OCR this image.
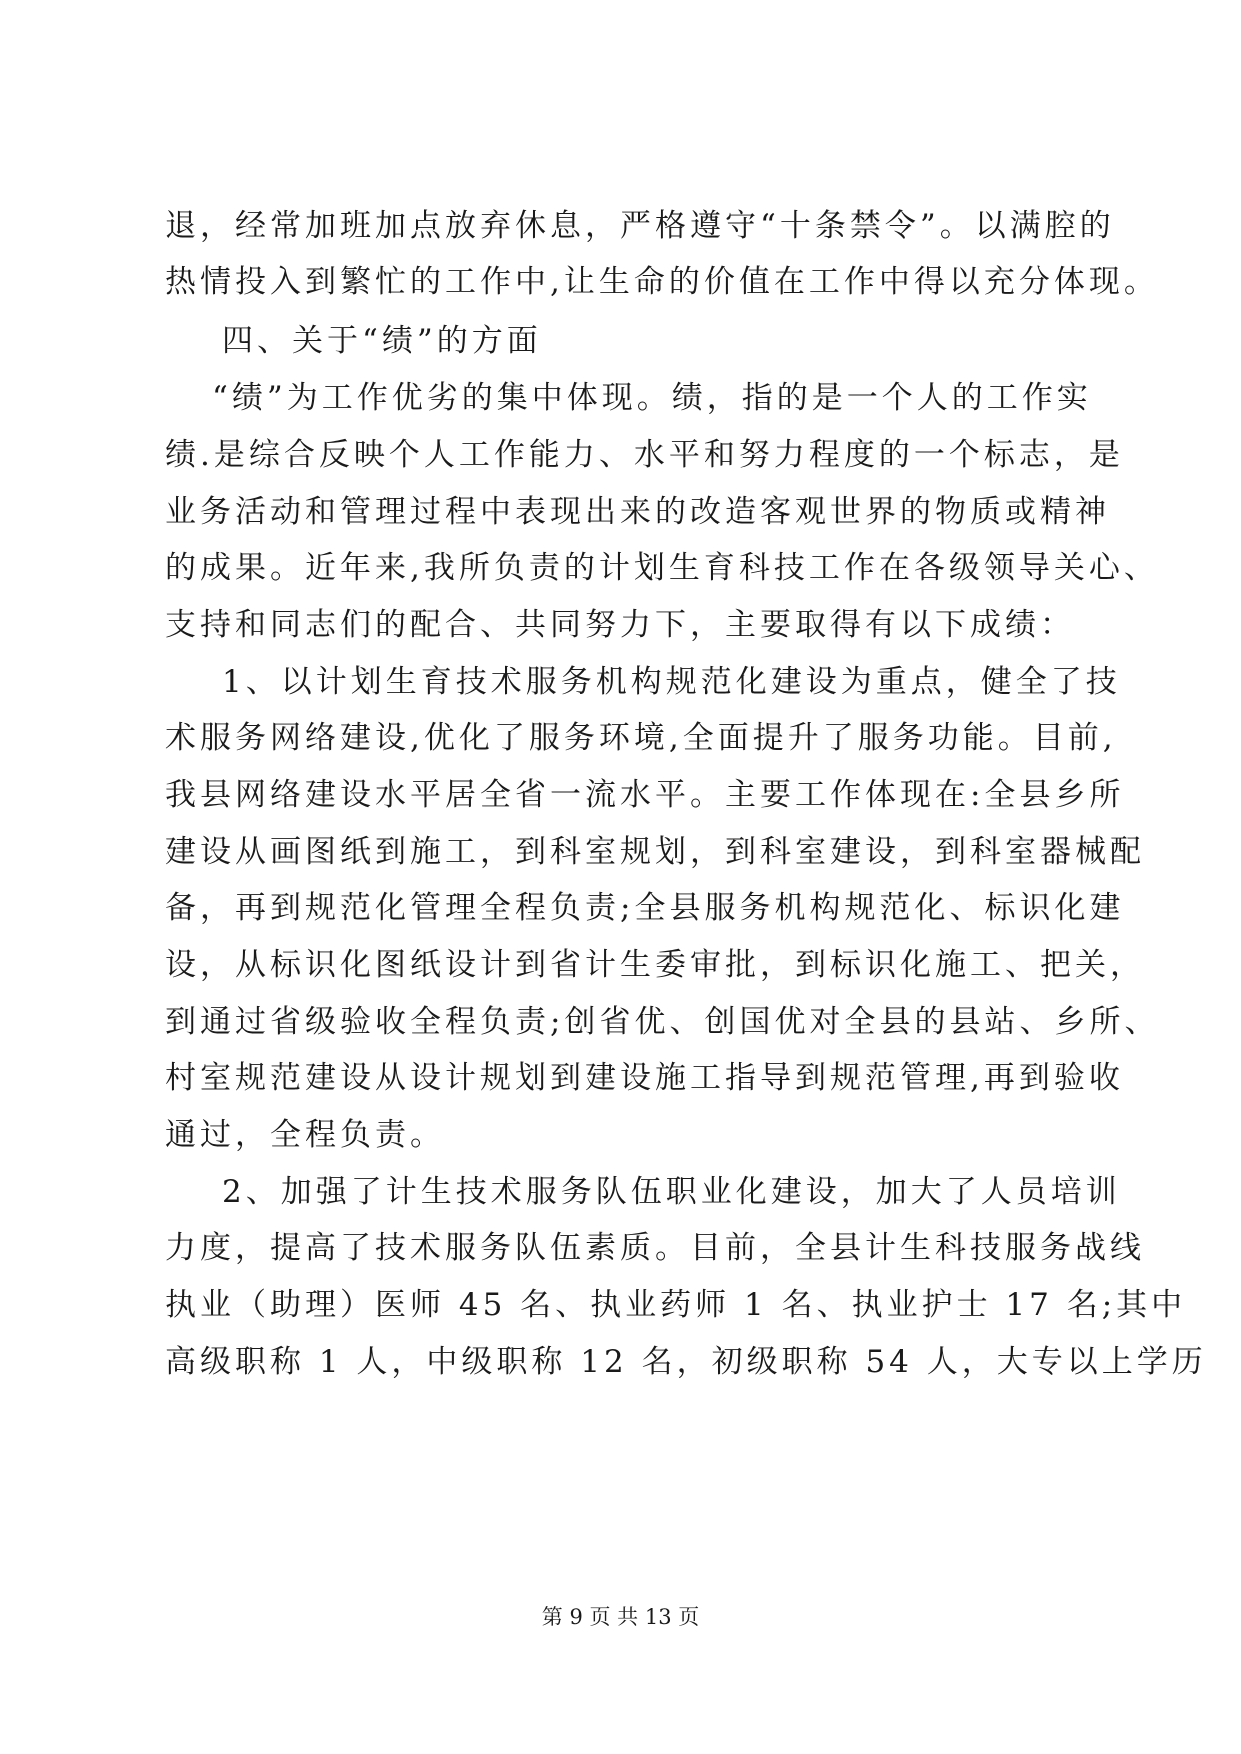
退，经常加班加点放弃休息，严格遵守“十条禁令”。以满腔的
热情投入到繁忙的工作中,让生命的价值在工作中得以充分体现。
四、关于“绩”的方面
“绩”为工作优劣的集中体现。绩，指的是一个人的工作实
绩.是综合反映个人工作能力、水平和努力程度的一个标志，是
业务活动和管理过程中表现出来的改造客观世界的物质或精神
的成果。近年来,我所负责的计划生育科技工作在各级领导关心、
支持和同志们的配合、共同努力下，主要取得有以下成绩：
1、以计划生育技术服务机构规范化建设为重点，健全了技
术服务网络建设,优化了服务环境,全面提升了服务功能。目前,
我县网络建设水平居全省一流水平。主要工作体现在:全县乡所
建设从画图纸到施工，到科室规划，到科室建设，到科室器械配
备，再到规范化管理全程负责;全县服务机构规范化、标识化建
设，从标识化图纸设计到省计生委审批，到标识化施工、把关，
到通过省级验收全程负责;创省优、创国优对全县的县站、乡所、
村室规范建设从设计规划到建设施工指导到规范管理,再到验收
通过，全程负责。
2、加强了计生技术服务队伍职业化建设，加大了人员培训
力度，提高了技术服务队伍素质。目前，全县计生科技服务战线
执业（助理）医师 45 名、执业药师 1 名、执业护士 17 名;其中
高级职称 1 人，中级职称 12 名，初级职称 54 人，大专以上学历
第 9 页 共 13 页
